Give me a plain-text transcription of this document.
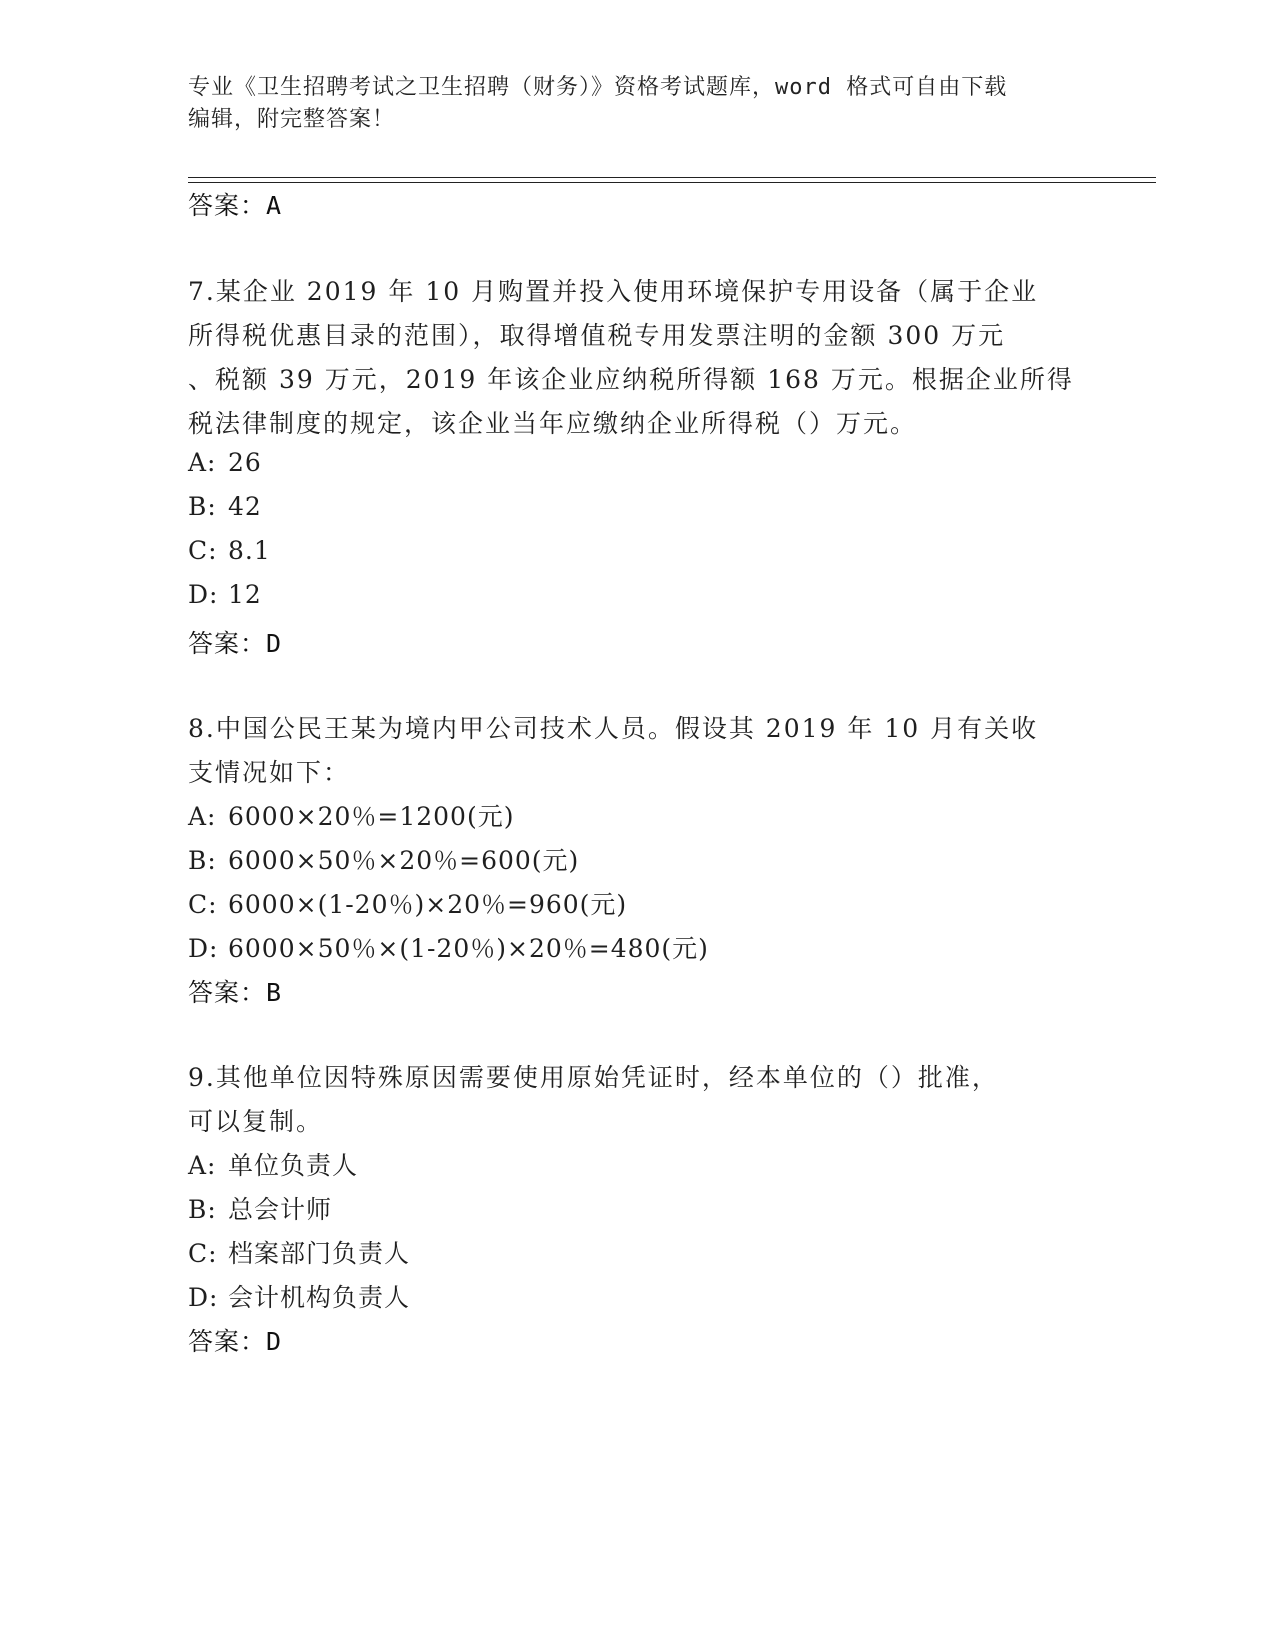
专业《卫生招聘考试之卫生招聘（财务）》资格考试题库，word 格式可自由下载
编辑，附完整答案！
答案：A
7.某企业 2019 年 10 月购置并投入使用环境保护专用设备（属于企业
所得税优惠目录的范围），取得增值税专用发票注明的金额 300 万元
、税额 39 万元，2019 年该企业应纳税所得额 168 万元。根据企业所得
税法律制度的规定，该企业当年应缴纳企业所得税（）万元。
A: 26
B: 42
C: 8.1
D: 12
答案：D
8.中国公民王某为境内甲公司技术人员。假设其 2019 年 10 月有关收
支情况如下：
A: 6000×20％=1200(元)
B: 6000×50％×20％=600(元)
C: 6000×(1-20％)×20％=960(元)
D: 6000×50％×(1-20％)×20％=480(元)
答案：B
9.其他单位因特殊原因需要使用原始凭证时，经本单位的（）批准，
可以复制。
A: 单位负责人
B: 总会计师
C: 档案部门负责人
D: 会计机构负责人
答案：D
